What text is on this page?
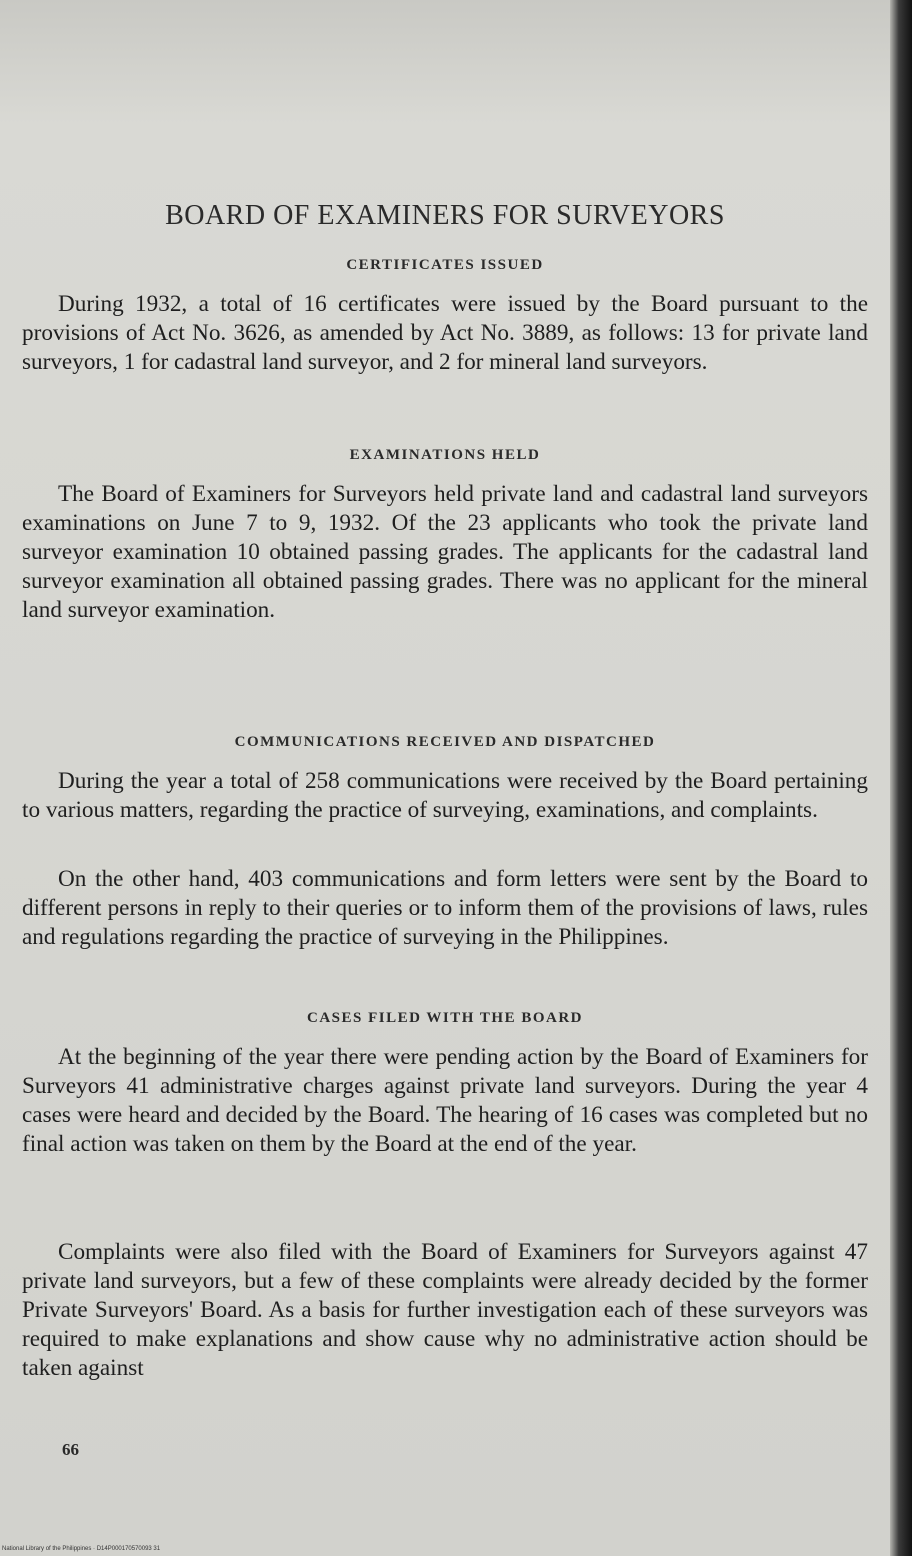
BOARD OF EXAMINERS FOR SURVEYORS
CERTIFICATES ISSUED

During 1932, a total of 16 certificates were issued by the Board pursuant to the provisions of Act No. 3626, as amended by Act No. 3889, as follows: 13 for private land surveyors, 1 for cadastral land surveyor, and 2 for mineral land surveyors.

EXAMINATIONS HELD

The Board of Examiners for Surveyors held private land and cadastral land surveyors examinations on June 7 to 9, 1932. Of the 23 applicants who took the private land surveyor examination 10 obtained passing grades. The applicants for the cadastral land surveyor examination all obtained passing grades. There was no applicant for the mineral land surveyor examination.

COMMUNICATIONS RECEIVED AND DISPATCHED

During the year a total of 258 communications were received by the Board pertaining to various matters, regarding the practice of surveying, examinations, and complaints.

On the other hand, 403 communications and form letters were sent by the Board to different persons in reply to their queries or to inform them of the provisions of laws, rules and regulations regarding the practice of surveying in the Philippines.

CASES FILED WITH THE BOARD

At the beginning of the year there were pending action by the Board of Examiners for Surveyors 41 administrative charges against private land surveyors. During the year 4 cases were heard and decided by the Board. The hearing of 16 cases was completed but no final action was taken on them by the Board at the end of the year.

Complaints were also filed with the Board of Examiners for Surveyors against 47 private land surveyors, but a few of these complaints were already decided by the former Private Surveyors' Board. As a basis for further investigation each of these surveyors was required to make explanations and show cause why no administrative action should be taken against

66
National Library of the Philippines · D14P000170570093 31
